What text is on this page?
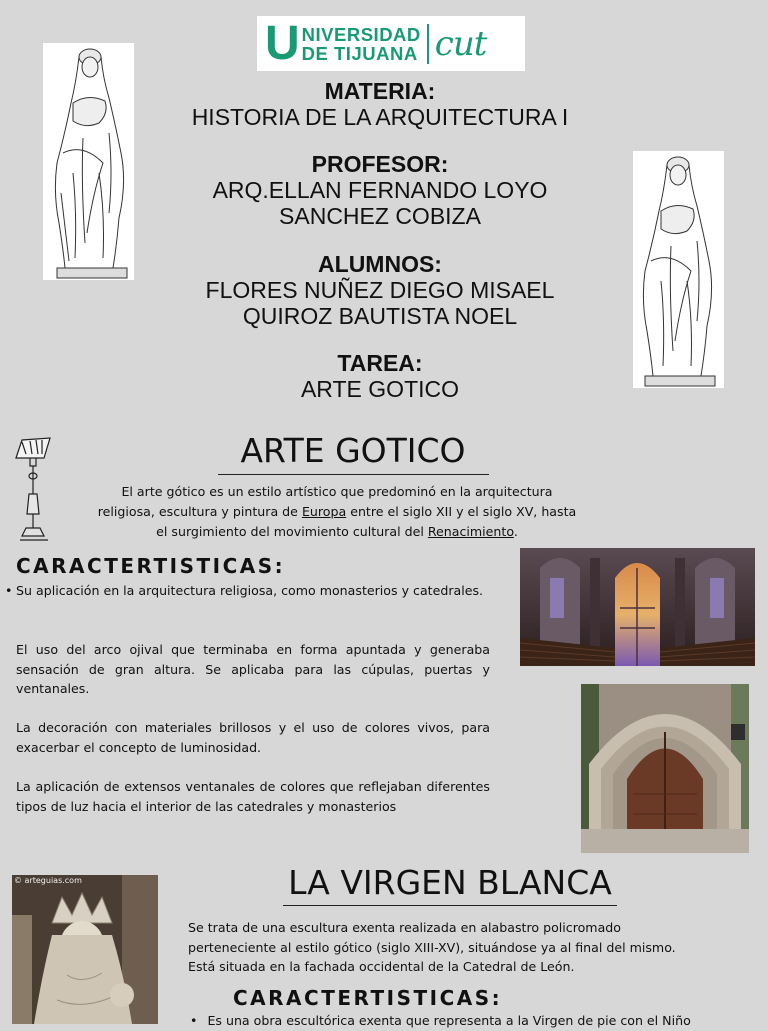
U NIVERSIDAD
DE TIJUANA cut
MATERIA:
HISTORIA DE LA ARQUITECTURA I
PROFESOR:
ARQ.ELLAN FERNANDO LOYO
SANCHEZ COBIZA
ALUMNOS:
FLORES NUÑEZ DIEGO MISAEL
QUIROZ BAUTISTA NOEL
TAREA:
ARTE GOTICO
ARTE GOTICO
El arte gótico es un estilo artístico que predominó en la arquitectura religiosa, escultura y pintura de Europa entre el siglo XII y el siglo XV, hasta el surgimiento del movimiento cultural del Renacimiento.
CARACTERTISTICAS:
• Su aplicación en la arquitectura religiosa, como monasterios y catedrales.
El uso del arco ojival que terminaba en forma apuntada y generaba sensación de gran altura. Se aplicaba para las cúpulas, puertas y ventanales.
La decoración con materiales brillosos y el uso de colores vivos, para exacerbar el concepto de luminosidad.
La aplicación de extensos ventanales de colores que reflejaban diferentes tipos de luz hacia el interior de las catedrales y monasterios
© arteguias.com	LA VIRGEN BLANCA
Se trata de una escultura exenta realizada en alabastro policromado perteneciente al estilo gótico (siglo XIII-XV), situándose ya al final del mismo. Está situada en la fachada occidental de la Catedral de León.
CARACTERTISTICAS:
• Es una obra escultórica exenta que representa a la Virgen de pie con el Niño
